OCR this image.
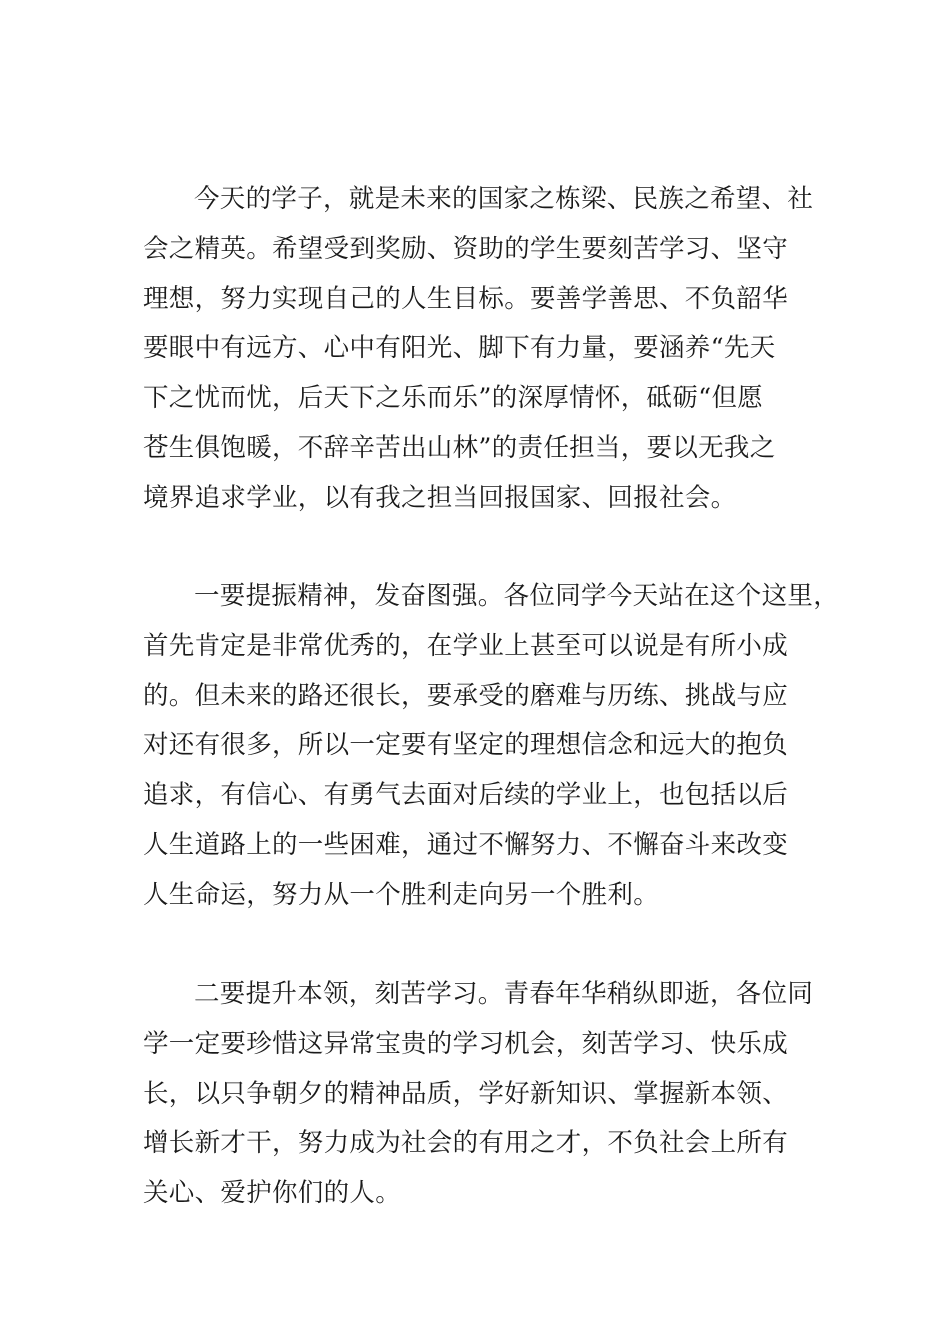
今天的学子，就是未来的国家之栋梁、民族之希望、社
会之精英。希望受到奖励、资助的学生要刻苦学习、坚守
理想，努力实现自己的人生目标。要善学善思、不负韶华
要眼中有远方、心中有阳光、脚下有力量，要涵养“先天
下之忧而忧，后天下之乐而乐”的深厚情怀，砥砺“但愿
苍生俱饱暖，不辞辛苦出山林”的责任担当，要以无我之
境界追求学业，以有我之担当回报国家、回报社会。

一要提振精神，发奋图强。各位同学今天站在这个这里，
首先肯定是非常优秀的，在学业上甚至可以说是有所小成
的。但未来的路还很长，要承受的磨难与历练、挑战与应
对还有很多，所以一定要有坚定的理想信念和远大的抱负
追求，有信心、有勇气去面对后续的学业上，也包括以后
人生道路上的一些困难，通过不懈努力、不懈奋斗来改变
人生命运，努力从一个胜利走向另一个胜利。

二要提升本领，刻苦学习。青春年华稍纵即逝，各位同
学一定要珍惜这异常宝贵的学习机会，刻苦学习、快乐成
长，以只争朝夕的精神品质，学好新知识、掌握新本领、
增长新才干，努力成为社会的有用之才，不负社会上所有
关心、爱护你们的人。
